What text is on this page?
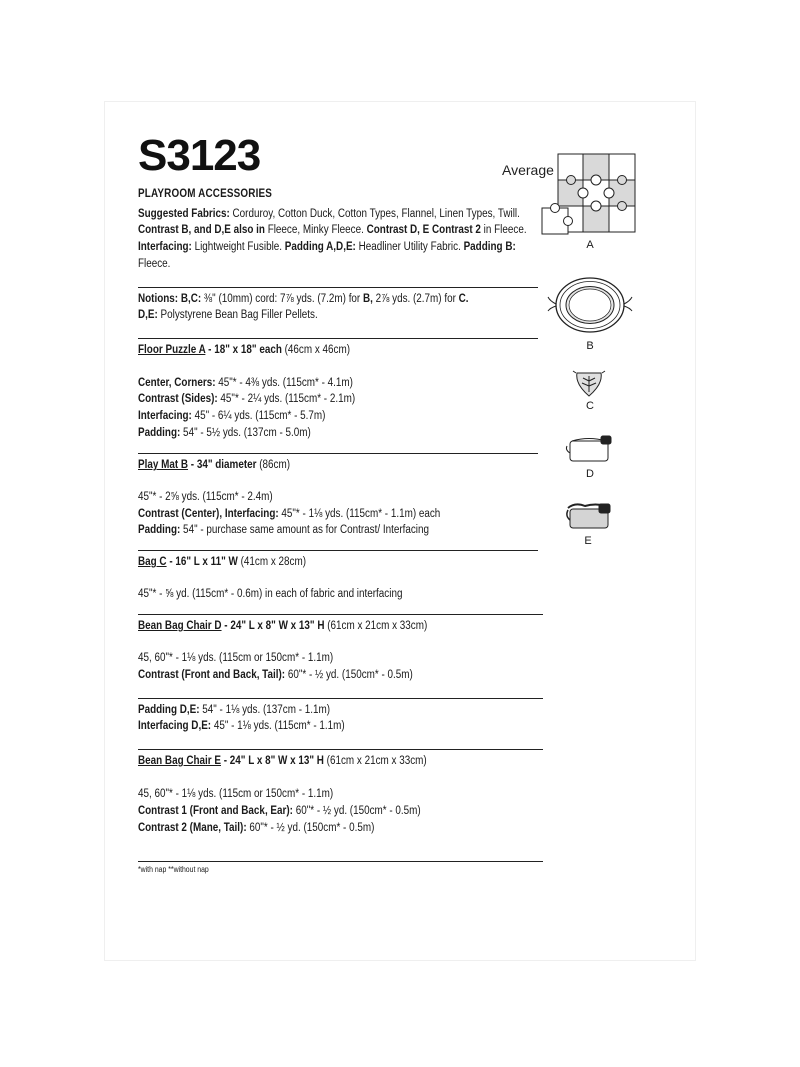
S3123	Average
PLAYROOM ACCESSORIES
Suggested Fabrics: Corduroy, Cotton Duck, Cotton Types, Flannel, Linen Types, Twill.
Contrast B, and D,E also in Fleece, Minky Fleece. Contrast D, E Contrast 2 in Fleece.
Interfacing: Lightweight Fusible. Padding A,D,E: Headliner Utility Fabric. Padding B:
Fleece.
Notions: B,C: ⅜" (10mm) cord: 7⅞ yds. (7.2m) for B, 2⅞ yds. (2.7m) for C.
D,E: Polystyrene Bean Bag Filler Pellets.
Floor Puzzle A - 18" x 18" each (46cm x 46cm)
Center, Corners: 45"* - 4⅜ yds. (115cm* - 4.1m)
Contrast (Sides): 45"* - 2¼ yds. (115cm* - 2.1m)
Interfacing: 45" - 6¼ yds. (115cm* - 5.7m)
Padding: 54" - 5½ yds. (137cm - 5.0m)
Play Mat B - 34" diameter (86cm)
45"* - 2⅝ yds. (115cm* - 2.4m)
Contrast (Center), Interfacing: 45"* - 1⅛ yds. (115cm* - 1.1m) each
Padding: 54" - purchase same amount as for Contrast/ Interfacing
Bag C - 16" L x 11" W (41cm x 28cm)
45"* - ⅝ yd. (115cm* - 0.6m) in each of fabric and interfacing
Bean Bag Chair D - 24" L x 8" W x 13" H (61cm x 21cm x 33cm)
45, 60"* - 1⅛ yds. (115cm or 150cm* - 1.1m)
Contrast (Front and Back, Tail): 60"* - ½ yd. (150cm* - 0.5m)
Padding D,E: 54" - 1⅛ yds. (137cm - 1.1m)
Interfacing D,E: 45" - 1⅛ yds. (115cm* - 1.1m)
Bean Bag Chair E - 24" L x 8" W x 13" H (61cm x 21cm x 33cm)
45, 60"* - 1⅛ yds. (115cm or 150cm* - 1.1m)
Contrast 1 (Front and Back, Ear): 60"* - ½ yd. (150cm* - 0.5m)
Contrast 2 (Mane, Tail): 60"* - ½ yd. (150cm* - 0.5m)
*with nap **without nap
A
B
C
D
E
